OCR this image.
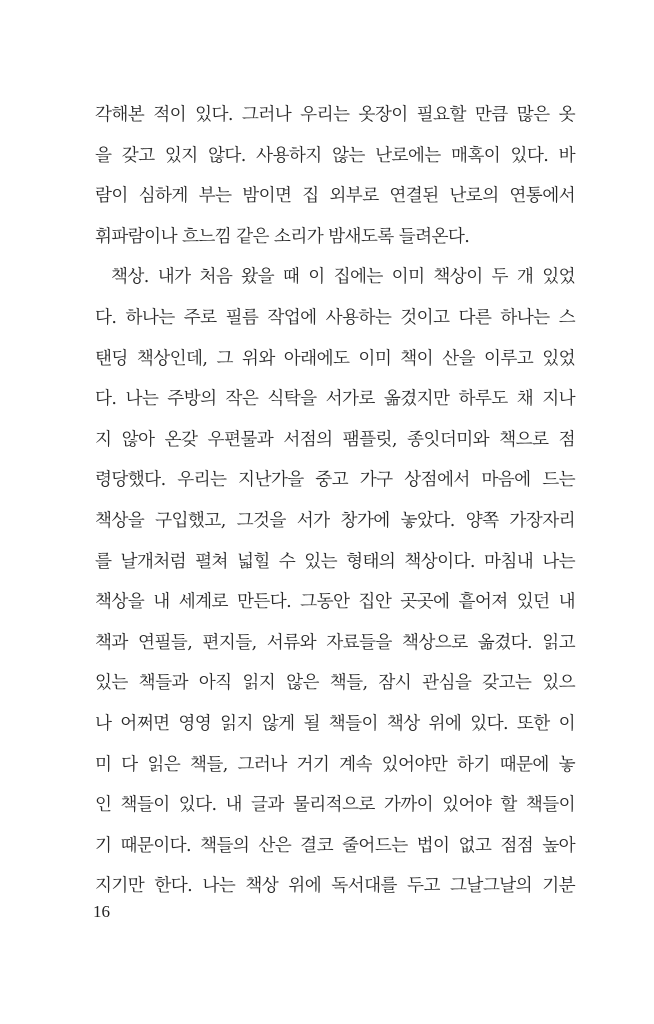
각해본 적이 있다. 그러나 우리는 옷장이 필요할 만큼 많은 옷
을 갖고 있지 않다. 사용하지 않는 난로에는 매혹이 있다. 바
람이 심하게 부는 밤이면 집 외부로 연결된 난로의 연통에서
휘파람이나 흐느낌 같은 소리가 밤새도록 들려온다.
책상. 내가 처음 왔을 때 이 집에는 이미 책상이 두 개 있었
다. 하나는 주로 필름 작업에 사용하는 것이고 다른 하나는 스
탠딩 책상인데, 그 위와 아래에도 이미 책이 산을 이루고 있었
다. 나는 주방의 작은 식탁을 서가로 옮겼지만 하루도 채 지나
지 않아 온갖 우편물과 서점의 팸플릿, 종잇더미와 책으로 점
령당했다. 우리는 지난가을 중고 가구 상점에서 마음에 드는
책상을 구입했고, 그것을 서가 창가에 놓았다. 양쪽 가장자리
를 날개처럼 펼쳐 넓힐 수 있는 형태의 책상이다. 마침내 나는
책상을 내 세계로 만든다. 그동안 집안 곳곳에 흩어져 있던 내
책과 연필들, 편지들, 서류와 자료들을 책상으로 옮겼다. 읽고
있는 책들과 아직 읽지 않은 책들, 잠시 관심을 갖고는 있으
나 어쩌면 영영 읽지 않게 될 책들이 책상 위에 있다. 또한 이
미 다 읽은 책들, 그러나 거기 계속 있어야만 하기 때문에 놓
인 책들이 있다. 내 글과 물리적으로 가까이 있어야 할 책들이
기 때문이다. 책들의 산은 결코 줄어드는 법이 없고 점점 높아
지기만 한다. 나는 책상 위에 독서대를 두고 그날그날의 기분
16
